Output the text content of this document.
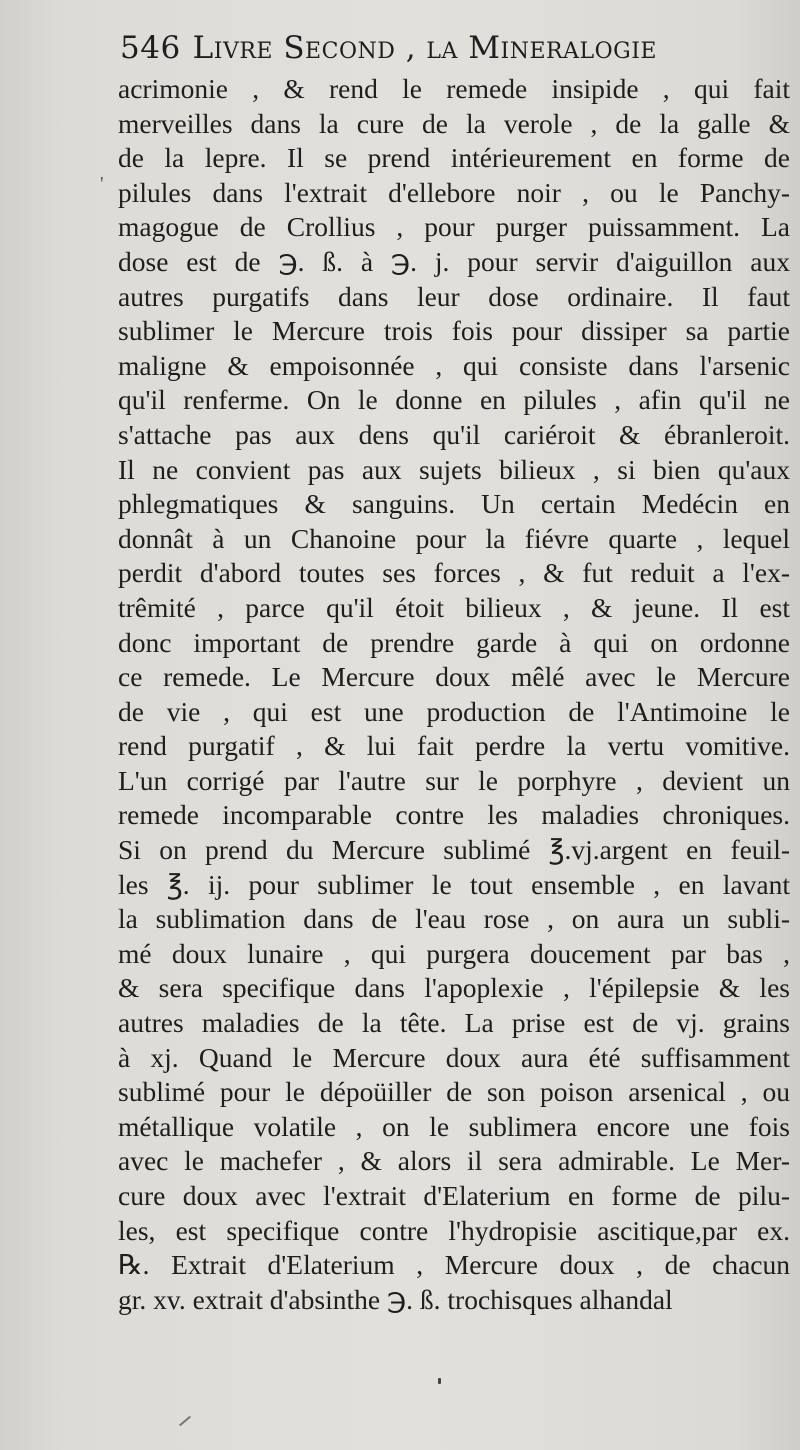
'
546 Livre Second , la Mineralogie
acrimonie , & rend le remede insipide , qui fait
merveilles dans la cure de la verole , de la galle &
de la lepre. Il se prend intérieurement en forme de
pilules dans l'extrait d'ellebore noir , ou le Panchy-
magogue de Crollius , pour purger puissamment. La
dose est de ℈. ß. à ℈. j. pour servir d'aiguillon aux
autres purgatifs dans leur dose ordinaire. Il faut
sublimer le Mercure trois fois pour dissiper sa partie
maligne & empoisonnée , qui consiste dans l'arsenic
qu'il renferme. On le donne en pilules , afin qu'il ne
s'attache pas aux dens qu'il cariéroit & ébranleroit.
Il ne convient pas aux sujets bilieux , si bien qu'aux
phlegmatiques & sanguins. Un certain Medécin en
donnât à un Chanoine pour la fiévre quarte , lequel
perdit d'abord toutes ses forces , & fut reduit a l'ex-
trêmité , parce qu'il étoit bilieux , & jeune. Il est
donc important de prendre garde à qui on ordonne
ce remede. Le Mercure doux mêlé avec le Mercure
de vie , qui est une production de l'Antimoine le
rend purgatif , & lui fait perdre la vertu vomitive.
L'un corrigé par l'autre sur le porphyre , devient un
remede incomparable contre les maladies chroniques.
Si on prend du Mercure sublimé ℥.vj.argent en feuil-
les ℥. ij. pour sublimer le tout ensemble , en lavant
la sublimation dans de l'eau rose , on aura un subli-
mé doux lunaire , qui purgera doucement par bas ,
& sera specifique dans l'apoplexie , l'épilepsie & les
autres maladies de la tête. La prise est de vj. grains
à xj. Quand le Mercure doux aura été suffisamment
sublimé pour le dépoüiller de son poison arsenical , ou
métallique volatile , on le sublimera encore une fois
avec le machefer , & alors il sera admirable. Le Mer-
cure doux avec l'extrait d'Elaterium en forme de pilu-
les, est specifique contre l'hydropisie ascitique,par ex.
℞. Extrait d'Elaterium , Mercure doux , de chacun
gr. xv. extrait d'absinthe ℈. ß. trochisques alhandal
